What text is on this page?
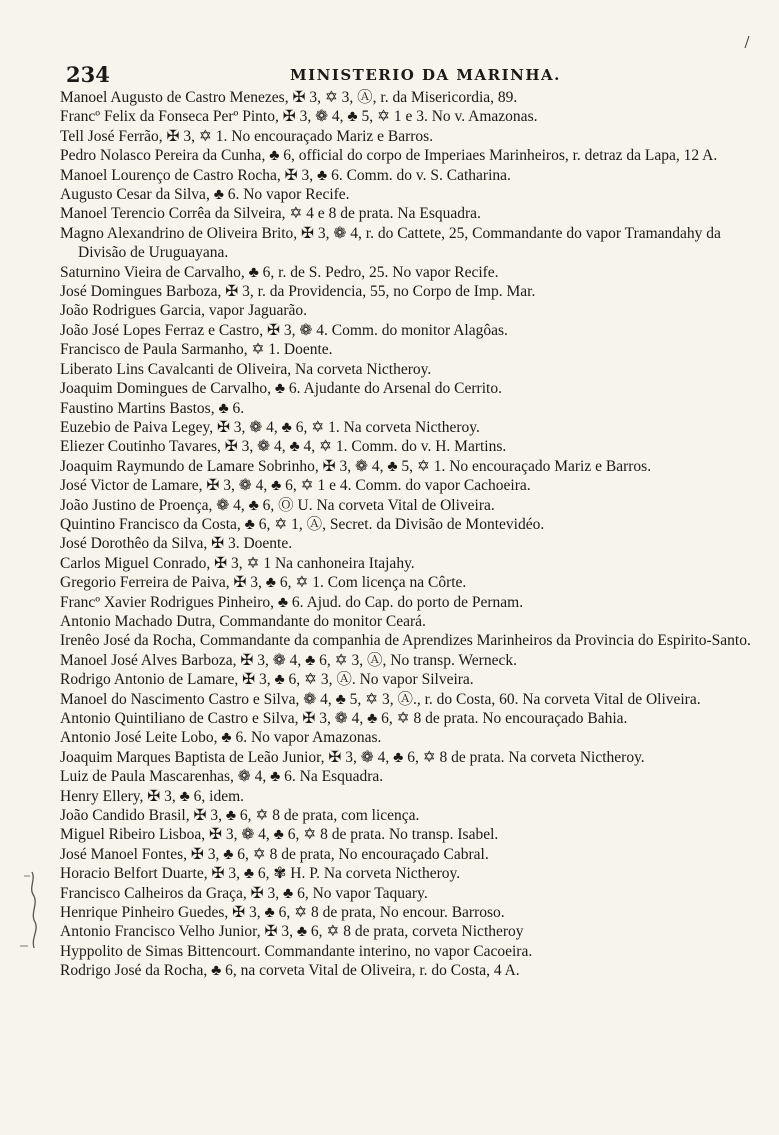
234	MINISTERIO DA MARINHA.
Manoel Augusto de Castro Menezes, ✠ 3, ✡ 3, Ⓐ, r. da Misericordia, 89.
Francº Felix da Fonseca Perº Pinto, ✠ 3, ❁ 4, ♣ 5, ✡ 1 e 3. No v. Amazonas.
Tell José Ferrão, ✠ 3, ✡ 1. No encouraçado Mariz e Barros.
Pedro Nolasco Pereira da Cunha, ♣ 6, official do corpo de Imperiaes Marinheiros, r. detraz da Lapa, 12 A.
Manoel Lourenço de Castro Rocha, ✠ 3, ♣ 6. Comm. do v. S. Catharina.
Augusto Cesar da Silva, ♣ 6. No vapor Recife.
Manoel Terencio Corrêa da Silveira, ✡ 4 e 8 de prata. Na Esquadra.
Magno Alexandrino de Oliveira Brito, ✠ 3, ❁ 4, r. do Cattete, 25, Commandante do vapor Tramandahy da Divisão de Uruguayana.
Saturnino Vieira de Carvalho, ♣ 6, r. de S. Pedro, 25. No vapor Recife.
José Domingues Barboza, ✠ 3, r. da Providencia, 55, no Corpo de Imp. Mar.
João Rodrigues Garcia, vapor Jaguarão.
João José Lopes Ferraz e Castro, ✠ 3, ❁ 4. Comm. do monitor Alagôas.
Francisco de Paula Sarmanho, ✡ 1. Doente.
Liberato Lins Cavalcanti de Oliveira, Na corveta Nictheroy.
Joaquim Domingues de Carvalho, ♣ 6. Ajudante do Arsenal do Cerrito.
Faustino Martins Bastos, ♣ 6.
Euzebio de Paiva Legey, ✠ 3, ❁ 4, ♣ 6, ✡ 1. Na corveta Nictheroy.
Eliezer Coutinho Tavares, ✠ 3, ❁ 4, ♣ 4, ✡ 1. Comm. do v. H. Martins.
Joaquim Raymundo de Lamare Sobrinho, ✠ 3, ❁ 4, ♣ 5, ✡ 1. No encouraçado Mariz e Barros.
José Victor de Lamare, ✠ 3, ❁ 4, ♣ 6, ✡ 1 e 4. Comm. do vapor Cachoeira.
João Justino de Proença, ❁ 4, ♣ 6, Ⓞ U. Na corveta Vital de Oliveira.
Quintino Francisco da Costa, ♣ 6, ✡ 1, Ⓐ, Secret. da Divisão de Montevidéo.
José Dorothêo da Silva, ✠ 3. Doente.
Carlos Miguel Conrado, ✠ 3, ✡ 1 Na canhoneira Itajahy.
Gregorio Ferreira de Paiva, ✠ 3, ♣ 6, ✡ 1. Com licença na Côrte.
Francº Xavier Rodrigues Pinheiro, ♣ 6. Ajud. do Cap. do porto de Pernam.
Antonio Machado Dutra, Commandante do monitor Ceará.
Irenêo José da Rocha, Commandante da companhia de Aprendizes Marinheiros da Provincia do Espirito-Santo.
Manoel José Alves Barboza, ✠ 3, ❁ 4, ♣ 6, ✡ 3, Ⓐ, No transp. Werneck.
Rodrigo Antonio de Lamare, ✠ 3, ♣ 6, ✡ 3, Ⓐ. No vapor Silveira.
Manoel do Nascimento Castro e Silva, ❁ 4, ♣ 5, ✡ 3, Ⓐ., r. do Costa, 60. Na corveta Vital de Oliveira.
Antonio Quintiliano de Castro e Silva, ✠ 3, ❁ 4, ♣ 6, ✡ 8 de prata. No encouraçado Bahia.
Antonio José Leite Lobo, ♣ 6. No vapor Amazonas.
Joaquim Marques Baptista de Leão Junior, ✠ 3, ❁ 4, ♣ 6, ✡ 8 de prata. Na corveta Nictheroy.
Luiz de Paula Mascarenhas, ❁ 4, ♣ 6. Na Esquadra.
Henry Ellery, ✠ 3, ♣ 6, idem.
João Candido Brasil, ✠ 3, ♣ 6, ✡ 8 de prata, com licença.
Miguel Ribeiro Lisboa, ✠ 3, ❁ 4, ♣ 6, ✡ 8 de prata. No transp. Isabel.
José Manoel Fontes, ✠ 3, ♣ 6, ✡ 8 de prata, No encouraçado Cabral.
Horacio Belfort Duarte, ✠ 3, ♣ 6, ✾ H. P. Na corveta Nictheroy.
Francisco Calheiros da Graça, ✠ 3, ♣ 6, No vapor Taquary.
Henrique Pinheiro Guedes, ✠ 3, ♣ 6, ✡ 8 de prata, No encour. Barroso.
Antonio Francisco Velho Junior, ✠ 3, ♣ 6, ✡ 8 de prata, corveta Nictheroy
Hyppolito de Simas Bittencourt. Commandante interino, no vapor Cacoeira.
Rodrigo José da Rocha, ♣ 6, na corveta Vital de Oliveira, r. do Costa, 4 A.
